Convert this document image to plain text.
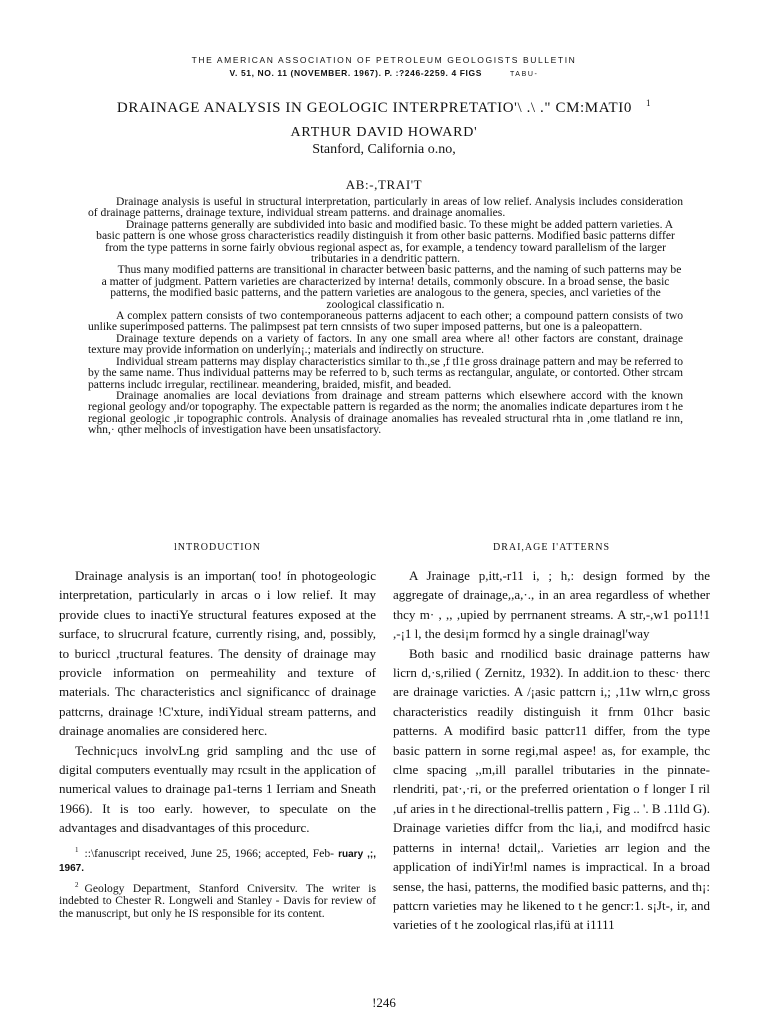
THE AMERICAN ASSOCIATION OF PETROLEUM GEOLOGISTS BULLETIN
V. 51, NO. 11 (NOVEMBER. 1967). P. :?246-2259. 4 FIGS	TABU-
DRAINAGE ANALYSIS IN GEOLOGIC INTERPRETATIO'\ .\ ." CM:MATI0 $^1$
ARTHUR DAVID HOWARD'
Stanford, California o.no,
AB:-,TRAI'T

Drainage analysis is useful in structural interpretation, particularly in areas of low relief. Analysis includes consideration of drainage patterns, drainage texture, individual stream patterns. and drainage anomalies.

Drainage patterns generally are subdivided into basic and modified basic. To these might be added pattern varieties. A basic pattern is one whose gross characteristics readily distinguish it from other basic patterns. Modified basic patterns differ from the type patterns in sorne fairly obvious regional aspect as, for example, a tendency toward parallelism of the larger tributaries in a dendritic pattern.

Thus many modified patterns are transitional in character between basic patterns, and the naming of such patterns may be a matter of judgment. Pattern varieties are characterized by interna! details, commonly obscure. In a broad sense, the basic patterns, the modified basic patterns, and the pattern varieties are analogous to the genera, species, ancl varieties of the zoological classificatio n.

A complex pattern consists of two contemporaneous patterns adjacent to each other; a compound pattern consists of two unlike superimposed patterns. The palimpsest pat tern cnnsists of two super imposed patterns, but one is a paleopattern.

Drainage texture depends on a variety of factors. In any one small area where al! other factors are constant, drainage texture may provide information on underlyin¡.; materials and indirectly on structure.

Individual stream patterns may display characteristics similar to th.,se ,f tl1e gross drainage pattern and may be referred to by the same name. Thus individual patterns may be referred to b, such terms as rectangular, angulate, or contorted. Other strcam patterns includc irregular, rectilinear. meandering, braided, misfit, and beaded.

Drainage anomalies are local deviations from drainage and stream patterns which elsewhere accord with the known regional geology and/or topography. The expectable pattern is regarded as the norm; the anomalies indicate departures irom t he regional geologic ,ir topographic controls. Analysis of drainage anomalies has revealed structural rhta in ,ome tlatland re inn, whn,· qther melhocls of investigation have been unsatisfactory.

lNTRODUCTION

Drainage analysis is an importan( too! ín photogeologic interpretation, particularly in arcas o i low relief. It may provide clues to inactiYe structural features exposed at the surface, to slrucrural fcature, currently rising, and, possibly, to buriccl ,tructural features. The density of drainage may provicle information on permeahility and texture of materials. Thc characteristics ancl significancc of drainage pattcrns, drainage !C'xture, indiYidual stream patterns, and drainage anomalies are considered herc.

Technic¡ucs involvLng grid sampling and thc use of digital computers eventually may rcsult in the application of numerical values to drainage pa1-terns 1 Ierriam and Sneath 1966). It is too early. however, to speculate on the advantages and disadvantages of this procedurc.

$^1$ ::\fanuscript received, June 25, 1966; accepted, Feb- ruary ,;, 1967.

$^2$ Geology Department, Stanford Cniversitv. The writer is indebted to Chester R. Longweli and Stanley - Davis for review of the manuscript, but only he IS responsible for its content.

DRAI,AGE I'ATTERNS

A Jrainage p,itt,-r11 i, ; h,: design formed by the aggregate of drainage,,a,·., in an area regardless of whether thcy m· , ,, ,upied by perrnanent streams. A str,-,w1 po11!1 ,-¡1 l, the desi¡m formcd hy a single drainagl'way

Both basic and rnodilicd basic drainage patterns haw licrn d,·s,rilied ( Zernitz, 1932). In addit.ion to thesc· therc are drainage varicties. A /¡asic pattcrn i,; ,11w wlrn,c gross characteristics readily distinguish it frnm 01hcr basic patterns. A modifird basic pattcr11 differ, from the type basic pattern in sorne regi,mal aspee! as, for example, thc clme spacing ,,m,ill parallel tributaries in the pinnate-rlendriti, pat·,·ri, or the preferred orientation o f longer I ril ,uf aries in t he directional-trellis pattern , Fig .. '. B .11ld G). Drainage varieties diffcr from thc lia,i, and modifrcd hasic patterns in interna! dctail,. Varieties arr legion and the application of indiYir!ml names is impractical. In a broad sense, the hasi, patterns, the modified basic patterns, and th¡: pattcrn varieties may he likened to t he gencr:1. s¡Jt-, ir, and varieties of t he zoological rlas,ifü at i1111

!246
